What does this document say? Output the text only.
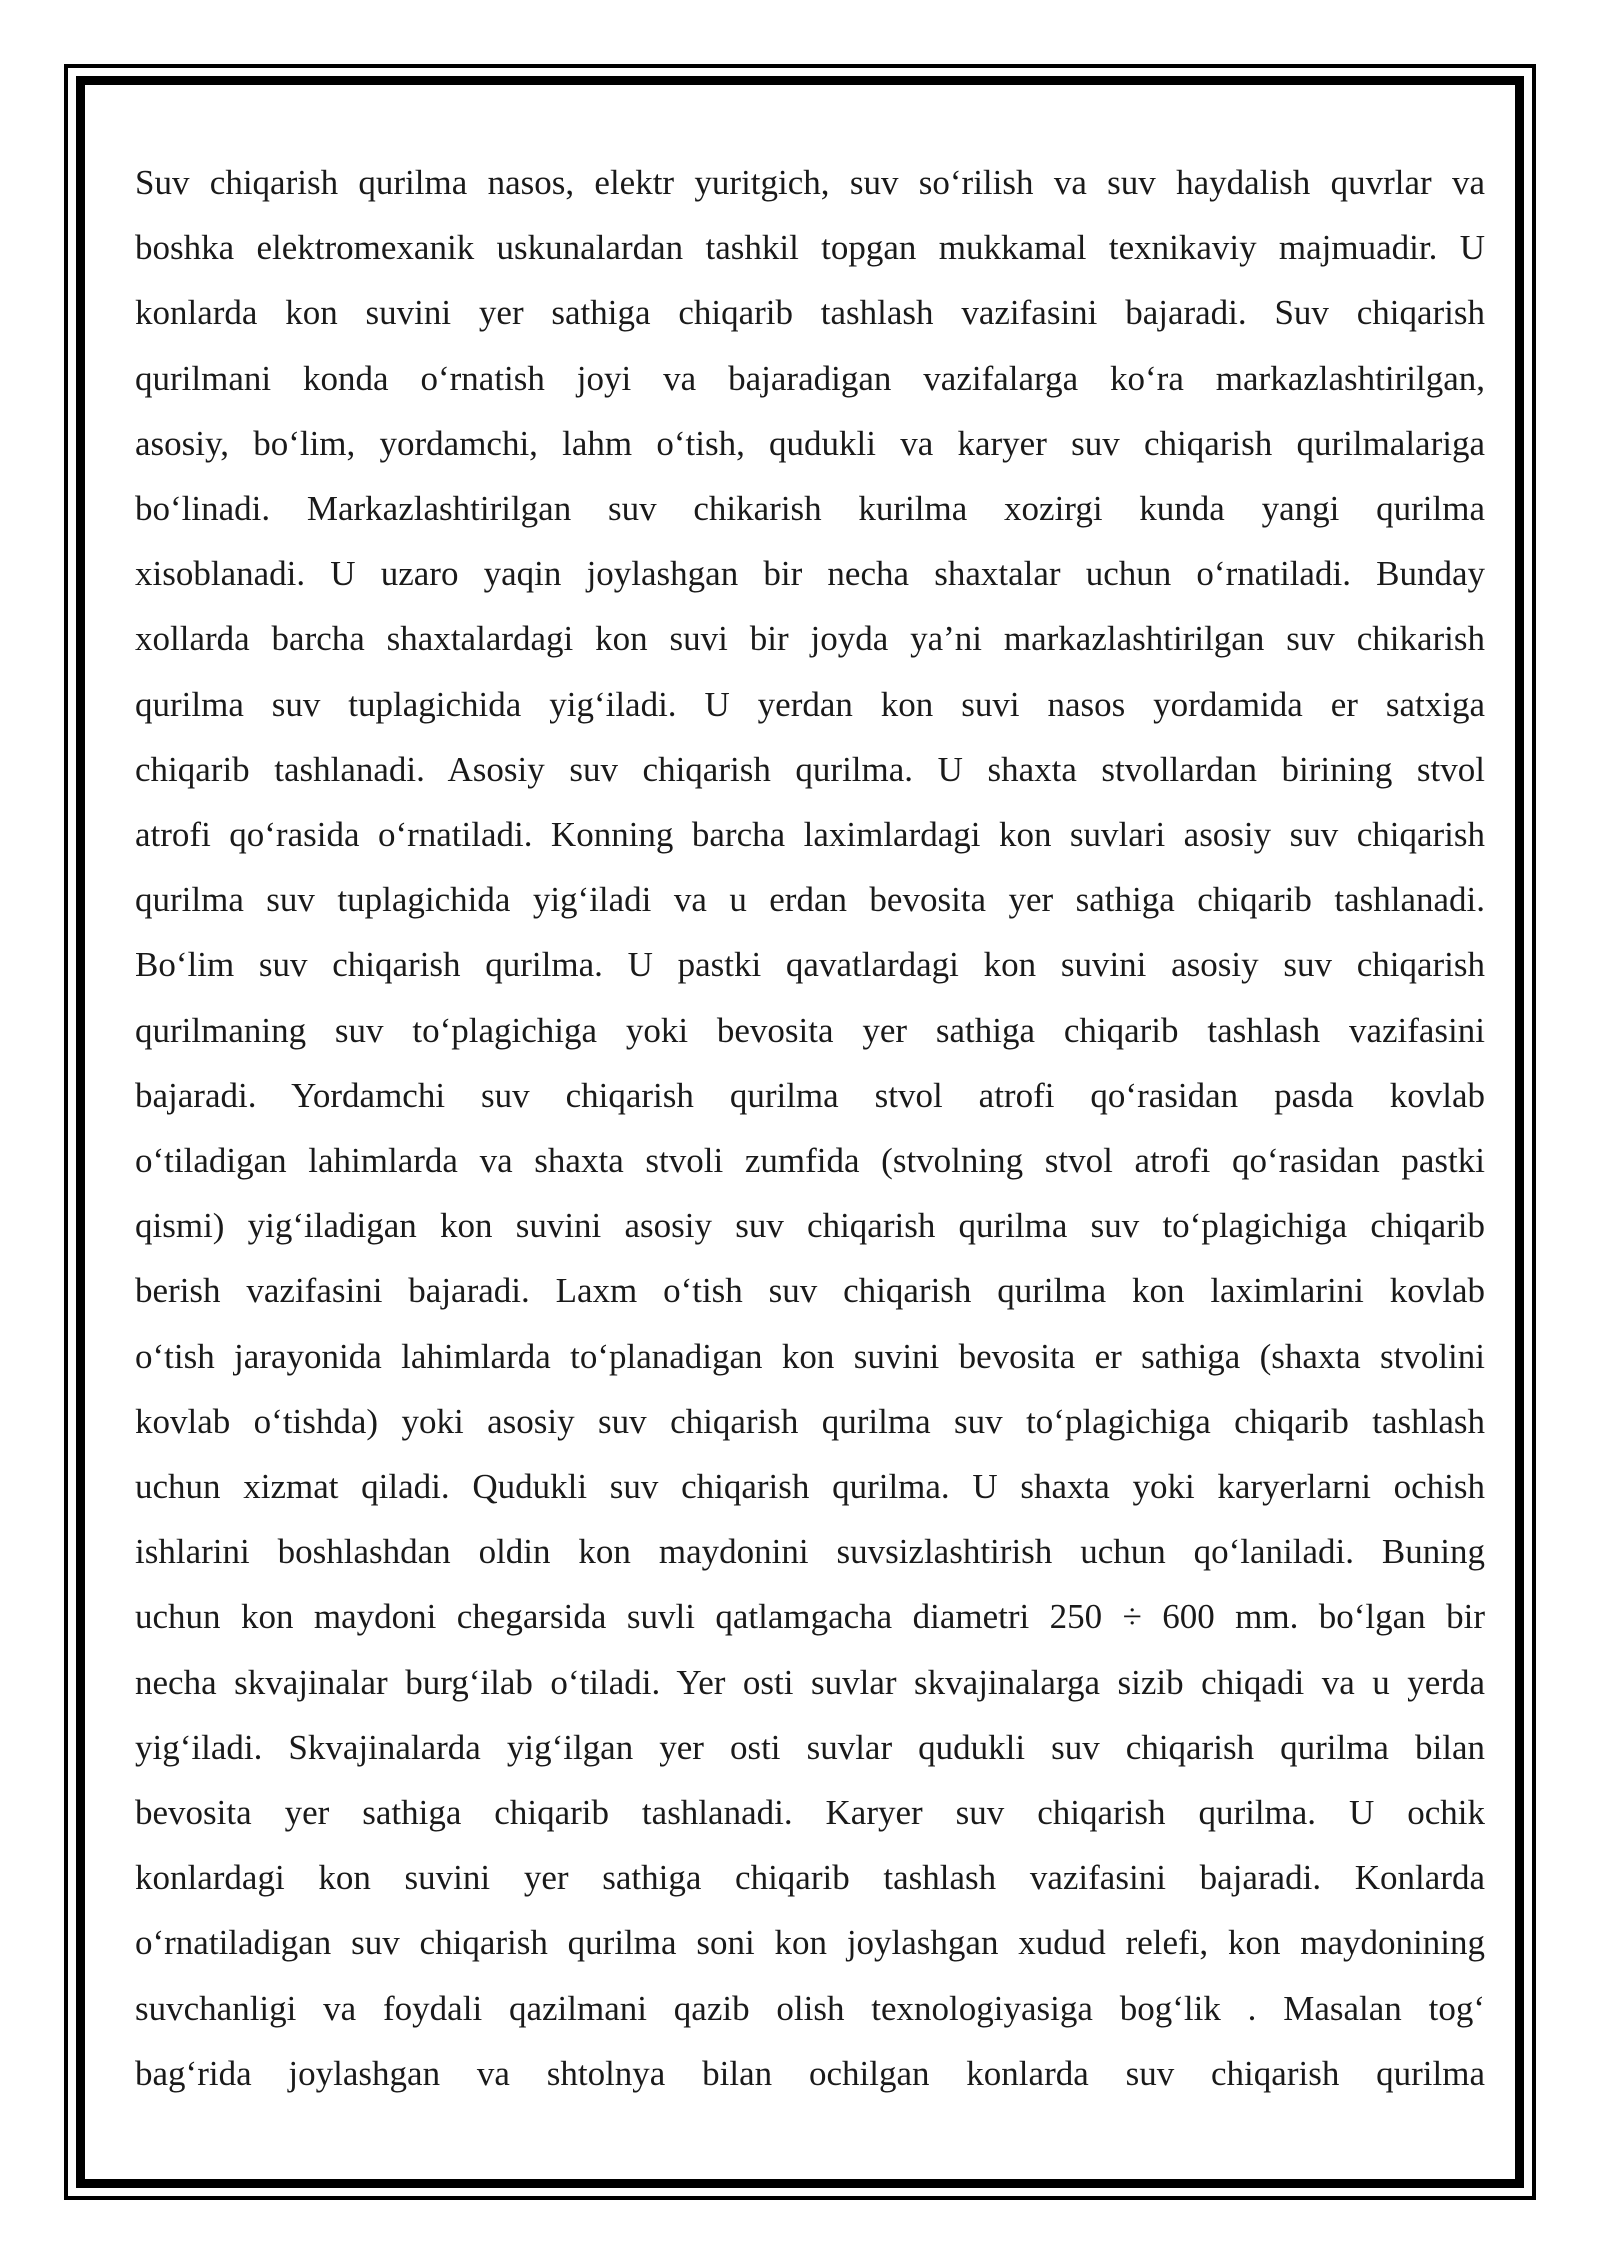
Suv chiqarish qurilma nasos, elektr yuritgich, suv so‘rilish va suv haydalish quvrlar va
boshka elektromexanik uskunalardan tashkil topgan mukkamal texnikaviy majmuadir. U
konlarda kon suvini yer sathiga chiqarib tashlash vazifasini bajaradi. Suv chiqarish
qurilmani konda o‘rnatish joyi va bajaradigan vazifalarga ko‘ra markazlashtirilgan,
asosiy, bo‘lim, yordamchi, lahm o‘tish, qudukli va karyer suv chiqarish qurilmalariga
bo‘linadi. Markazlashtirilgan suv chikarish kurilma xozirgi kunda yangi qurilma
xisoblanadi. U uzaro yaqin joylashgan bir necha shaxtalar uchun o‘rnatiladi. Bunday
xollarda barcha shaxtalardagi kon suvi bir joyda ya’ni markazlashtirilgan suv chikarish
qurilma suv tuplagichida yig‘iladi. U yerdan kon suvi nasos yordamida er satxiga
chiqarib tashlanadi. Asosiy suv chiqarish qurilma. U shaxta stvollardan birining stvol
atrofi qo‘rasida o‘rnatiladi. Konning barcha laximlardagi kon suvlari asosiy suv chiqarish
qurilma suv tuplagichida yig‘iladi va u erdan bevosita yer sathiga chiqarib tashlanadi.
Bo‘lim suv chiqarish qurilma. U pastki qavatlardagi kon suvini asosiy suv chiqarish
qurilmaning suv to‘plagichiga yoki bevosita yer sathiga chiqarib tashlash vazifasini
bajaradi. Yordamchi suv chiqarish qurilma stvol atrofi qo‘rasidan pasda kovlab
o‘tiladigan lahimlarda va shaxta stvoli zumfida (stvolning stvol atrofi qo‘rasidan pastki
qismi) yig‘iladigan kon suvini asosiy suv chiqarish qurilma suv to‘plagichiga chiqarib
berish vazifasini bajaradi. Laxm o‘tish suv chiqarish qurilma kon laximlarini kovlab
o‘tish jarayonida lahimlarda to‘planadigan kon suvini bevosita er sathiga (shaxta stvolini
kovlab o‘tishda) yoki asosiy suv chiqarish qurilma suv to‘plagichiga chiqarib tashlash
uchun xizmat qiladi. Qudukli suv chiqarish qurilma. U shaxta yoki karyerlarni ochish
ishlarini boshlashdan oldin kon maydonini suvsizlashtirish uchun qo‘laniladi. Buning
uchun kon maydoni chegarsida suvli qatlamgacha diametri 250 ÷ 600 mm. bo‘lgan bir
necha skvajinalar burg‘ilab o‘tiladi. Yer osti suvlar skvajinalarga sizib chiqadi va u yerda
yig‘iladi. Skvajinalarda yig‘ilgan yer osti suvlar qudukli suv chiqarish qurilma bilan
bevosita yer sathiga chiqarib tashlanadi. Karyer suv chiqarish qurilma. U ochik
konlardagi kon suvini yer sathiga chiqarib tashlash vazifasini bajaradi. Konlarda
o‘rnatiladigan suv chiqarish qurilma soni kon joylashgan xudud relefi, kon maydonining
suvchanligi va foydali qazilmani qazib olish texnologiyasiga bog‘lik . Masalan tog‘
bag‘rida joylashgan va shtolnya bilan ochilgan konlarda suv chiqarish qurilma
